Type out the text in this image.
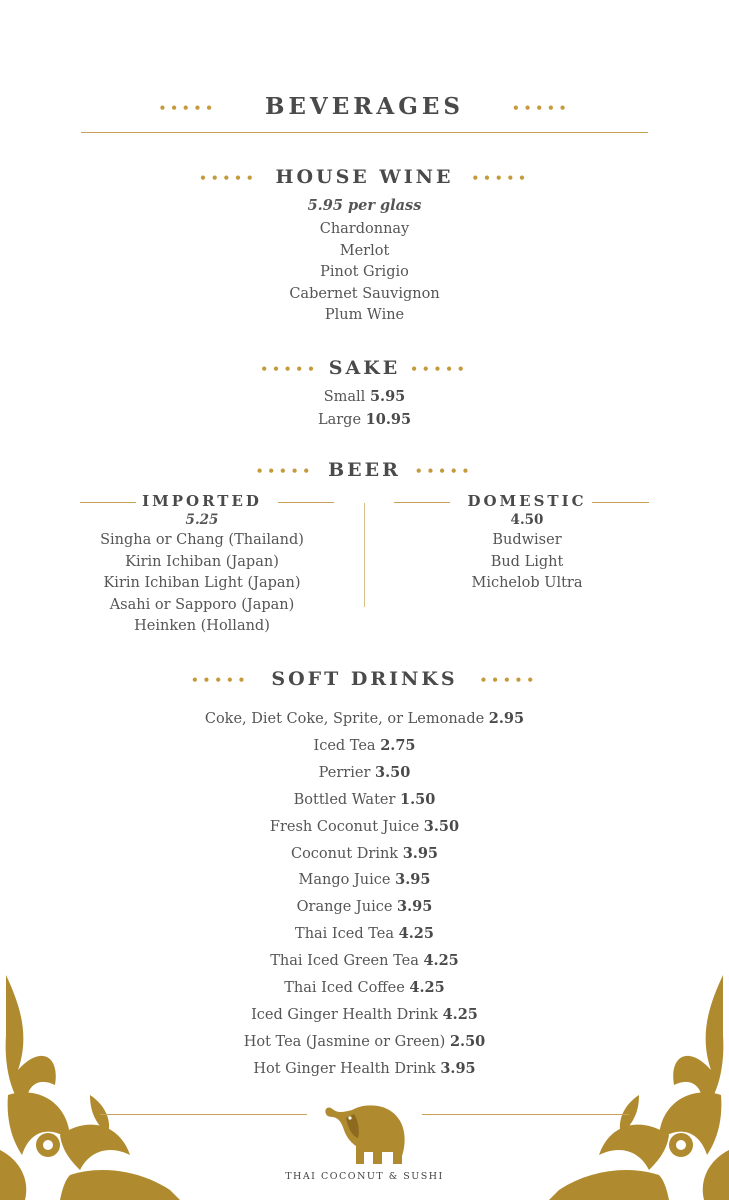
••••• BEVERAGES	•••••
••••• HOUSE WINE •••••
5.95 per glass
Chardonnay
Merlot
Pinot Grigio
Cabernet Sauvignon
Plum Wine
••••• SAKE •••••
Small 5.95
Large 10.95
••••• BEER •••••
IMPORTED
5.25
Singha or Chang (Thailand)
Kirin Ichiban (Japan)
Kirin Ichiban Light (Japan)
Asahi or Sapporo (Japan)
Heinken (Holland)
DOMESTIC
4.50
Budwiser
Bud Light
Michelob Ultra
••••• SOFT DRINKS •••••
Coke, Diet Coke, Sprite, or Lemonade 2.95
Iced Tea 2.75
Perrier 3.50
Bottled Water 1.50
Fresh Coconut Juice 3.50
Coconut Drink 3.95
Mango Juice 3.95
Orange Juice 3.95
Thai Iced Tea 4.25
Thai Iced Green Tea 4.25
Thai Iced Coffee 4.25
Iced Ginger Health Drink 4.25
Hot Tea (Jasmine or Green) 2.50
Hot Ginger Health Drink 3.95
THAI COCONUT & SUSHI
